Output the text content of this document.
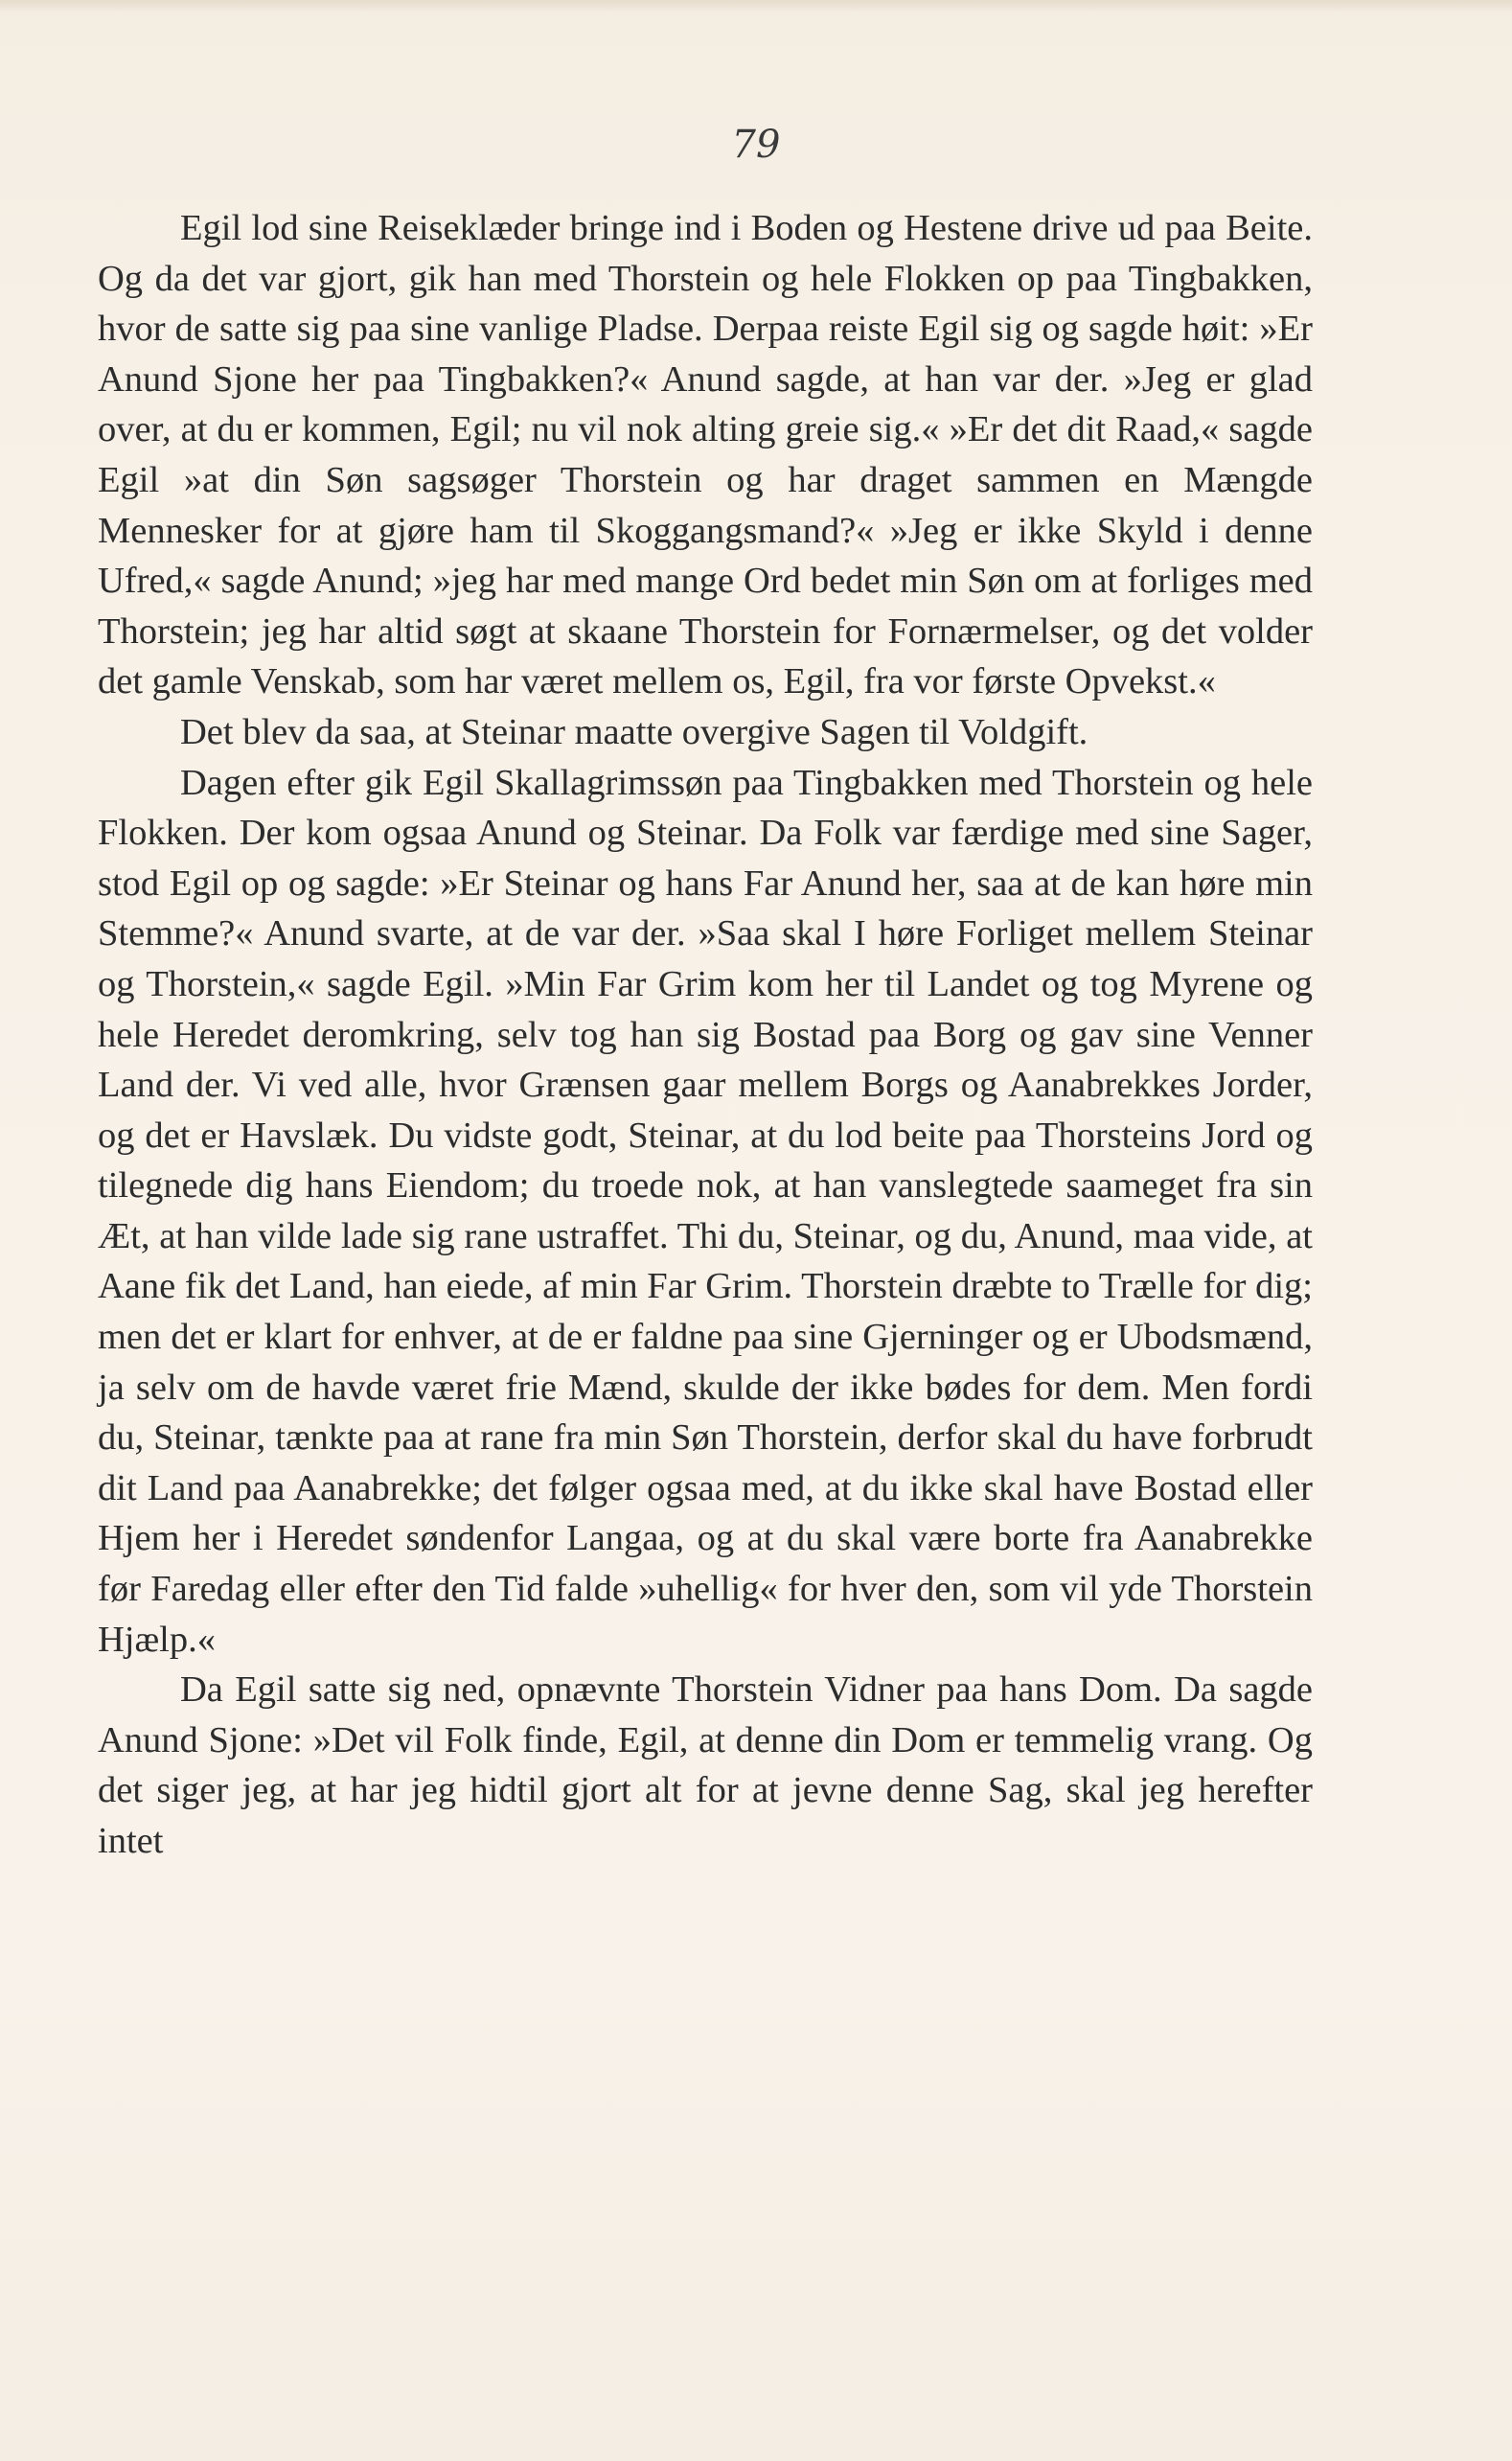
79

Egil lod sine Reiseklæder bringe ind i Boden og Hestene drive ud paa Beite. Og da det var gjort, gik han med Thorstein og hele Flokken op paa Tingbakken, hvor de satte sig paa sine vanlige Pladse. Derpaa reiste Egil sig og sagde høit: »Er Anund Sjone her paa Tingbakken?« Anund sagde, at han var der. »Jeg er glad over, at du er kommen, Egil; nu vil nok alting greie sig.« »Er det dit Raad,« sagde Egil »at din Søn sagsøger Thorstein og har draget sammen en Mængde Mennesker for at gjøre ham til Skoggangsmand?« »Jeg er ikke Skyld i denne Ufred,« sagde Anund; »jeg har med mange Ord bedet min Søn om at forliges med Thorstein; jeg har altid søgt at skaane Thorstein for Fornærmelser, og det volder det gamle Venskab, som har været mellem os, Egil, fra vor første Opvekst.«

Det blev da saa, at Steinar maatte overgive Sagen til Voldgift.

Dagen efter gik Egil Skallagrimssøn paa Tingbakken med Thorstein og hele Flokken. Der kom ogsaa Anund og Steinar. Da Folk var færdige med sine Sager, stod Egil op og sagde: »Er Steinar og hans Far Anund her, saa at de kan høre min Stemme?« Anund svarte, at de var der. »Saa skal I høre Forliget mellem Steinar og Thorstein,« sagde Egil. »Min Far Grim kom her til Landet og tog Myrene og hele Heredet deromkring, selv tog han sig Bostad paa Borg og gav sine Venner Land der. Vi ved alle, hvor Grænsen gaar mellem Borgs og Aanabrekkes Jorder, og det er Havslæk. Du vidste godt, Steinar, at du lod beite paa Thorsteins Jord og tilegnede dig hans Eiendom; du troede nok, at han vanslegtede saameget fra sin Æt, at han vilde lade sig rane ustraffet. Thi du, Steinar, og du, Anund, maa vide, at Aane fik det Land, han eiede, af min Far Grim. Thorstein dræbte to Trælle for dig; men det er klart for enhver, at de er faldne paa sine Gjerninger og er Ubodsmænd, ja selv om de havde været frie Mænd, skulde der ikke bødes for dem. Men fordi du, Steinar, tænkte paa at rane fra min Søn Thorstein, derfor skal du have forbrudt dit Land paa Aanabrekke; det følger ogsaa med, at du ikke skal have Bostad eller Hjem her i Heredet søndenfor Langaa, og at du skal være borte fra Aanabrekke før Faredag eller efter den Tid falde »uhellig« for hver den, som vil yde Thorstein Hjælp.«

Da Egil satte sig ned, opnævnte Thorstein Vidner paa hans Dom. Da sagde Anund Sjone: »Det vil Folk finde, Egil, at denne din Dom er temmelig vrang. Og det siger jeg, at har jeg hidtil gjort alt for at jevne denne Sag, skal jeg herefter intet
